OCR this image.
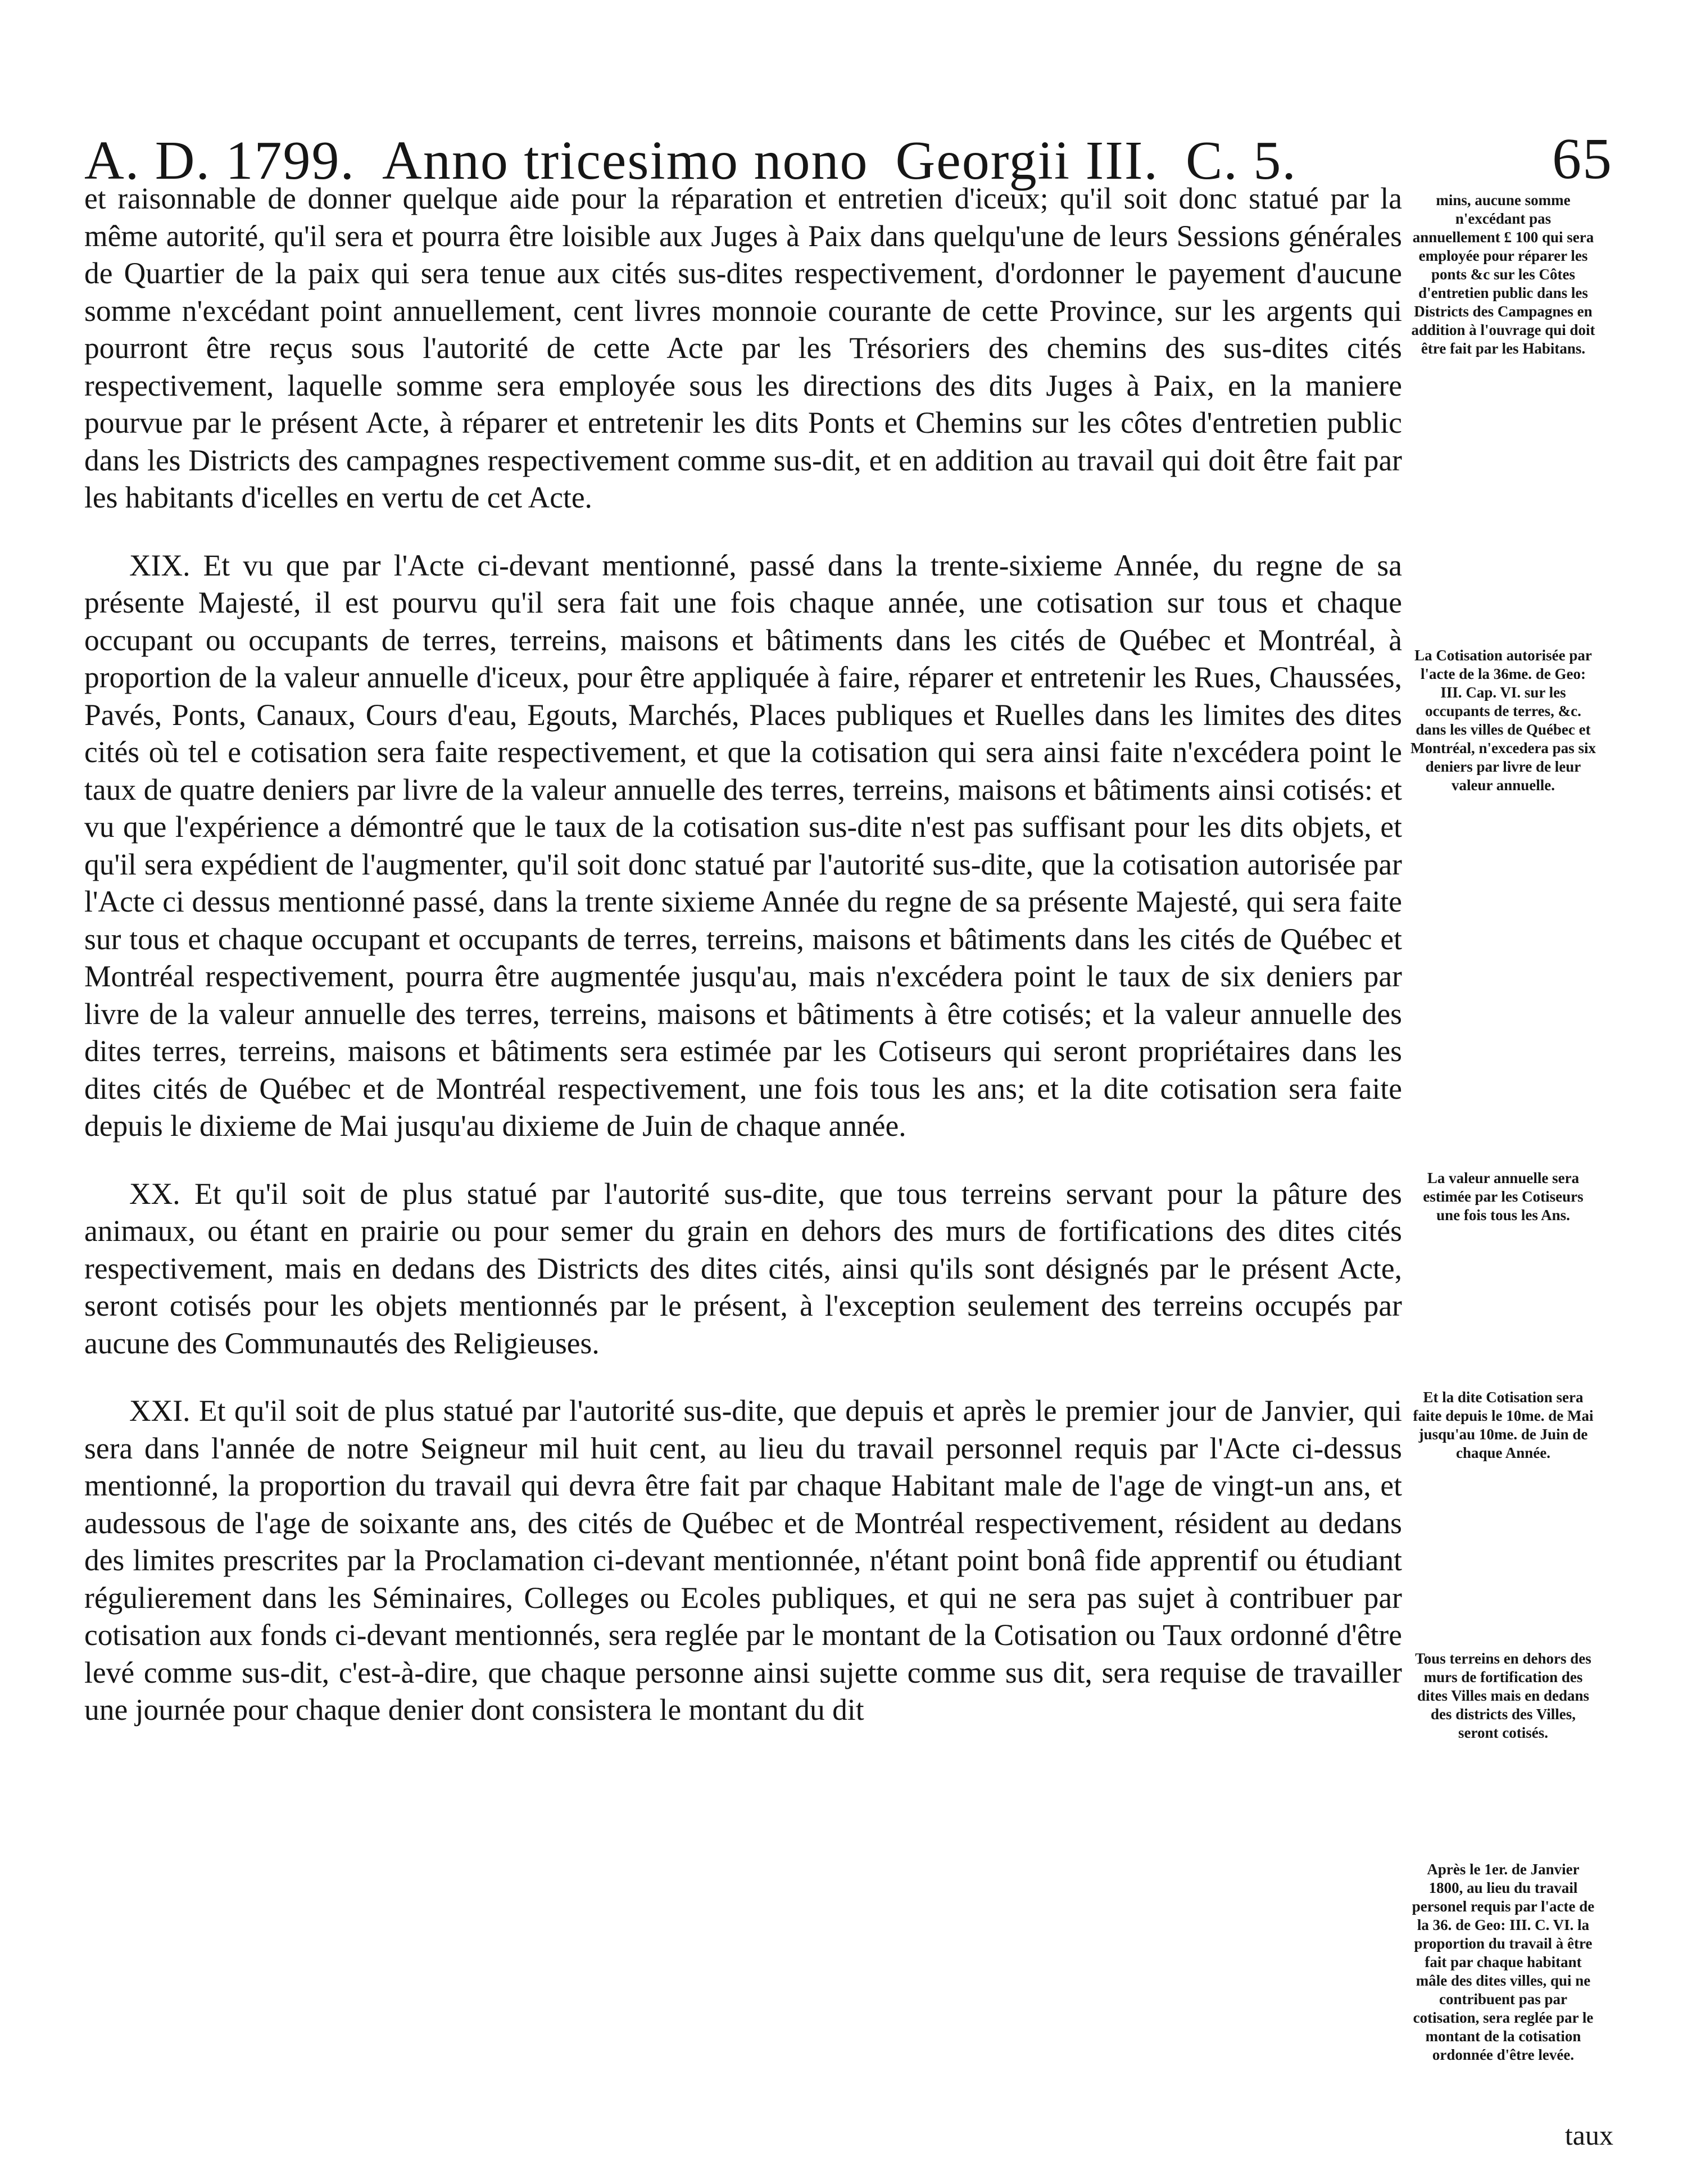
A. D. 1799. Anno tricesimo nono Georgii III. C. 5.	65

et raisonnable de donner quelque aide pour la réparation et entretien d'iceux; qu'il soit donc statué par la même autorité, qu'il sera et pourra être loisible aux Juges à Paix dans quelqu'une de leurs Sessions générales de Quartier de la paix qui sera tenue aux cités sus-dites respectivement, d'ordonner le payement d'aucune somme n'excédant point annuellement, cent livres monnoie courante de cette Province, sur les argents qui pourront être reçus sous l'autorité de cette Acte par les Trésoriers des chemins des sus-dites cités respectivement, laquelle somme sera employée sous les directions des dits Juges à Paix, en la maniere pourvue par le présent Acte, à réparer et entretenir les dits Ponts et Chemins sur les côtes d'entretien public dans les Districts des campagnes respectivement comme sus-dit, et en addition au travail qui doit être fait par les habitants d'icelles en vertu de cet Acte.

XIX. Et vu que par l'Acte ci-devant mentionné, passé dans la trente-sixieme Année, du regne de sa présente Majesté, il est pourvu qu'il sera fait une fois chaque année, une cotisation sur tous et chaque occupant ou occupants de terres, terreins, maisons et bâtiments dans les cités de Québec et Montréal, à proportion de la valeur annuelle d'iceux, pour être appliquée à faire, réparer et entretenir les Rues, Chaussées, Pavés, Ponts, Canaux, Cours d'eau, Egouts, Marchés, Places publiques et Ruelles dans les limites des dites cités où tel e cotisation sera faite respectivement, et que la cotisation qui sera ainsi faite n'excédera point le taux de quatre deniers par livre de la valeur annuelle des terres, terreins, maisons et bâtiments ainsi cotisés: et vu que l'expérience a démontré que le taux de la cotisation sus-dite n'est pas suffisant pour les dits objets, et qu'il sera expédient de l'augmenter, qu'il soit donc statué par l'autorité sus-dite, que la cotisation autorisée par l'Acte ci dessus mentionné passé, dans la trente sixieme Année du regne de sa présente Majesté, qui sera faite sur tous et chaque occupant et occupants de terres, terreins, maisons et bâtiments dans les cités de Québec et Montréal respectivement, pourra être augmentée jusqu'au, mais n'excédera point le taux de six deniers par livre de la valeur annuelle des terres, terreins, maisons et bâtiments à être cotisés; et la valeur annuelle des dites terres, terreins, maisons et bâtiments sera estimée par les Cotiseurs qui seront propriétaires dans les dites cités de Québec et de Montréal respectivement, une fois tous les ans; et la dite cotisation sera faite depuis le dixieme de Mai jusqu'au dixieme de Juin de chaque année.

XX. Et qu'il soit de plus statué par l'autorité sus-dite, que tous terreins servant pour la pâture des animaux, ou étant en prairie ou pour semer du grain en dehors des murs de fortifications des dites cités respectivement, mais en dedans des Districts des dites cités, ainsi qu'ils sont désignés par le présent Acte, seront cotisés pour les objets mentionnés par le présent, à l'exception seulement des terreins occupés par aucune des Communautés des Religieuses.

XXI. Et qu'il soit de plus statué par l'autorité sus-dite, que depuis et après le premier jour de Janvier, qui sera dans l'année de notre Seigneur mil huit cent, au lieu du travail personnel requis par l'Acte ci-dessus mentionné, la proportion du travail qui devra être fait par chaque Habitant male de l'age de vingt-un ans, et audessous de l'age de soixante ans, des cités de Québec et de Montréal respectivement, résident au dedans des limites prescrites par la Proclamation ci-devant mentionnée, n'étant point bonâ fide apprentif ou étudiant régulierement dans les Séminaires, Colleges ou Ecoles publiques, et qui ne sera pas sujet à contribuer par cotisation aux fonds ci-devant mentionnés, sera reglée par le montant de la Cotisation ou Taux ordonné d'être levé comme sus-dit, c'est-à-dire, que chaque personne ainsi sujette comme sus dit, sera requise de travailler une journée pour chaque denier dont consistera le montant du dit

taux

mins, aucune somme n'excédant pas annuellement £ 100 qui sera employée pour réparer les ponts &c sur les Côtes d'entretien public dans les Districts des Campagnes en addition à l'ouvrage qui doit être fait par les Habitans.

La Cotisation autorisée par l'acte de la 36me. de Geo: III. Cap. VI. sur les occupants de terres, &c. dans les villes de Québec et Montréal, n'excedera pas six deniers par livre de leur valeur annuelle.

La valeur annuelle sera estimée par les Cotiseurs une fois tous les Ans.

Et la dite Cotisation sera faite depuis le 10me. de Mai jusqu'au 10me. de Juin de chaque Année.

Tous terreins en dehors des murs de fortification des dites Villes mais en dedans des districts des Villes, seront cotisés.

Après le 1er. de Janvier 1800, au lieu du travail personel requis par l'acte de la 36. de Geo: III. C. VI. la proportion du travail à être fait par chaque habitant mâle des dites villes, qui ne contribuent pas par cotisation, sera reglée par le montant de la cotisation ordonnée d'être levée.
